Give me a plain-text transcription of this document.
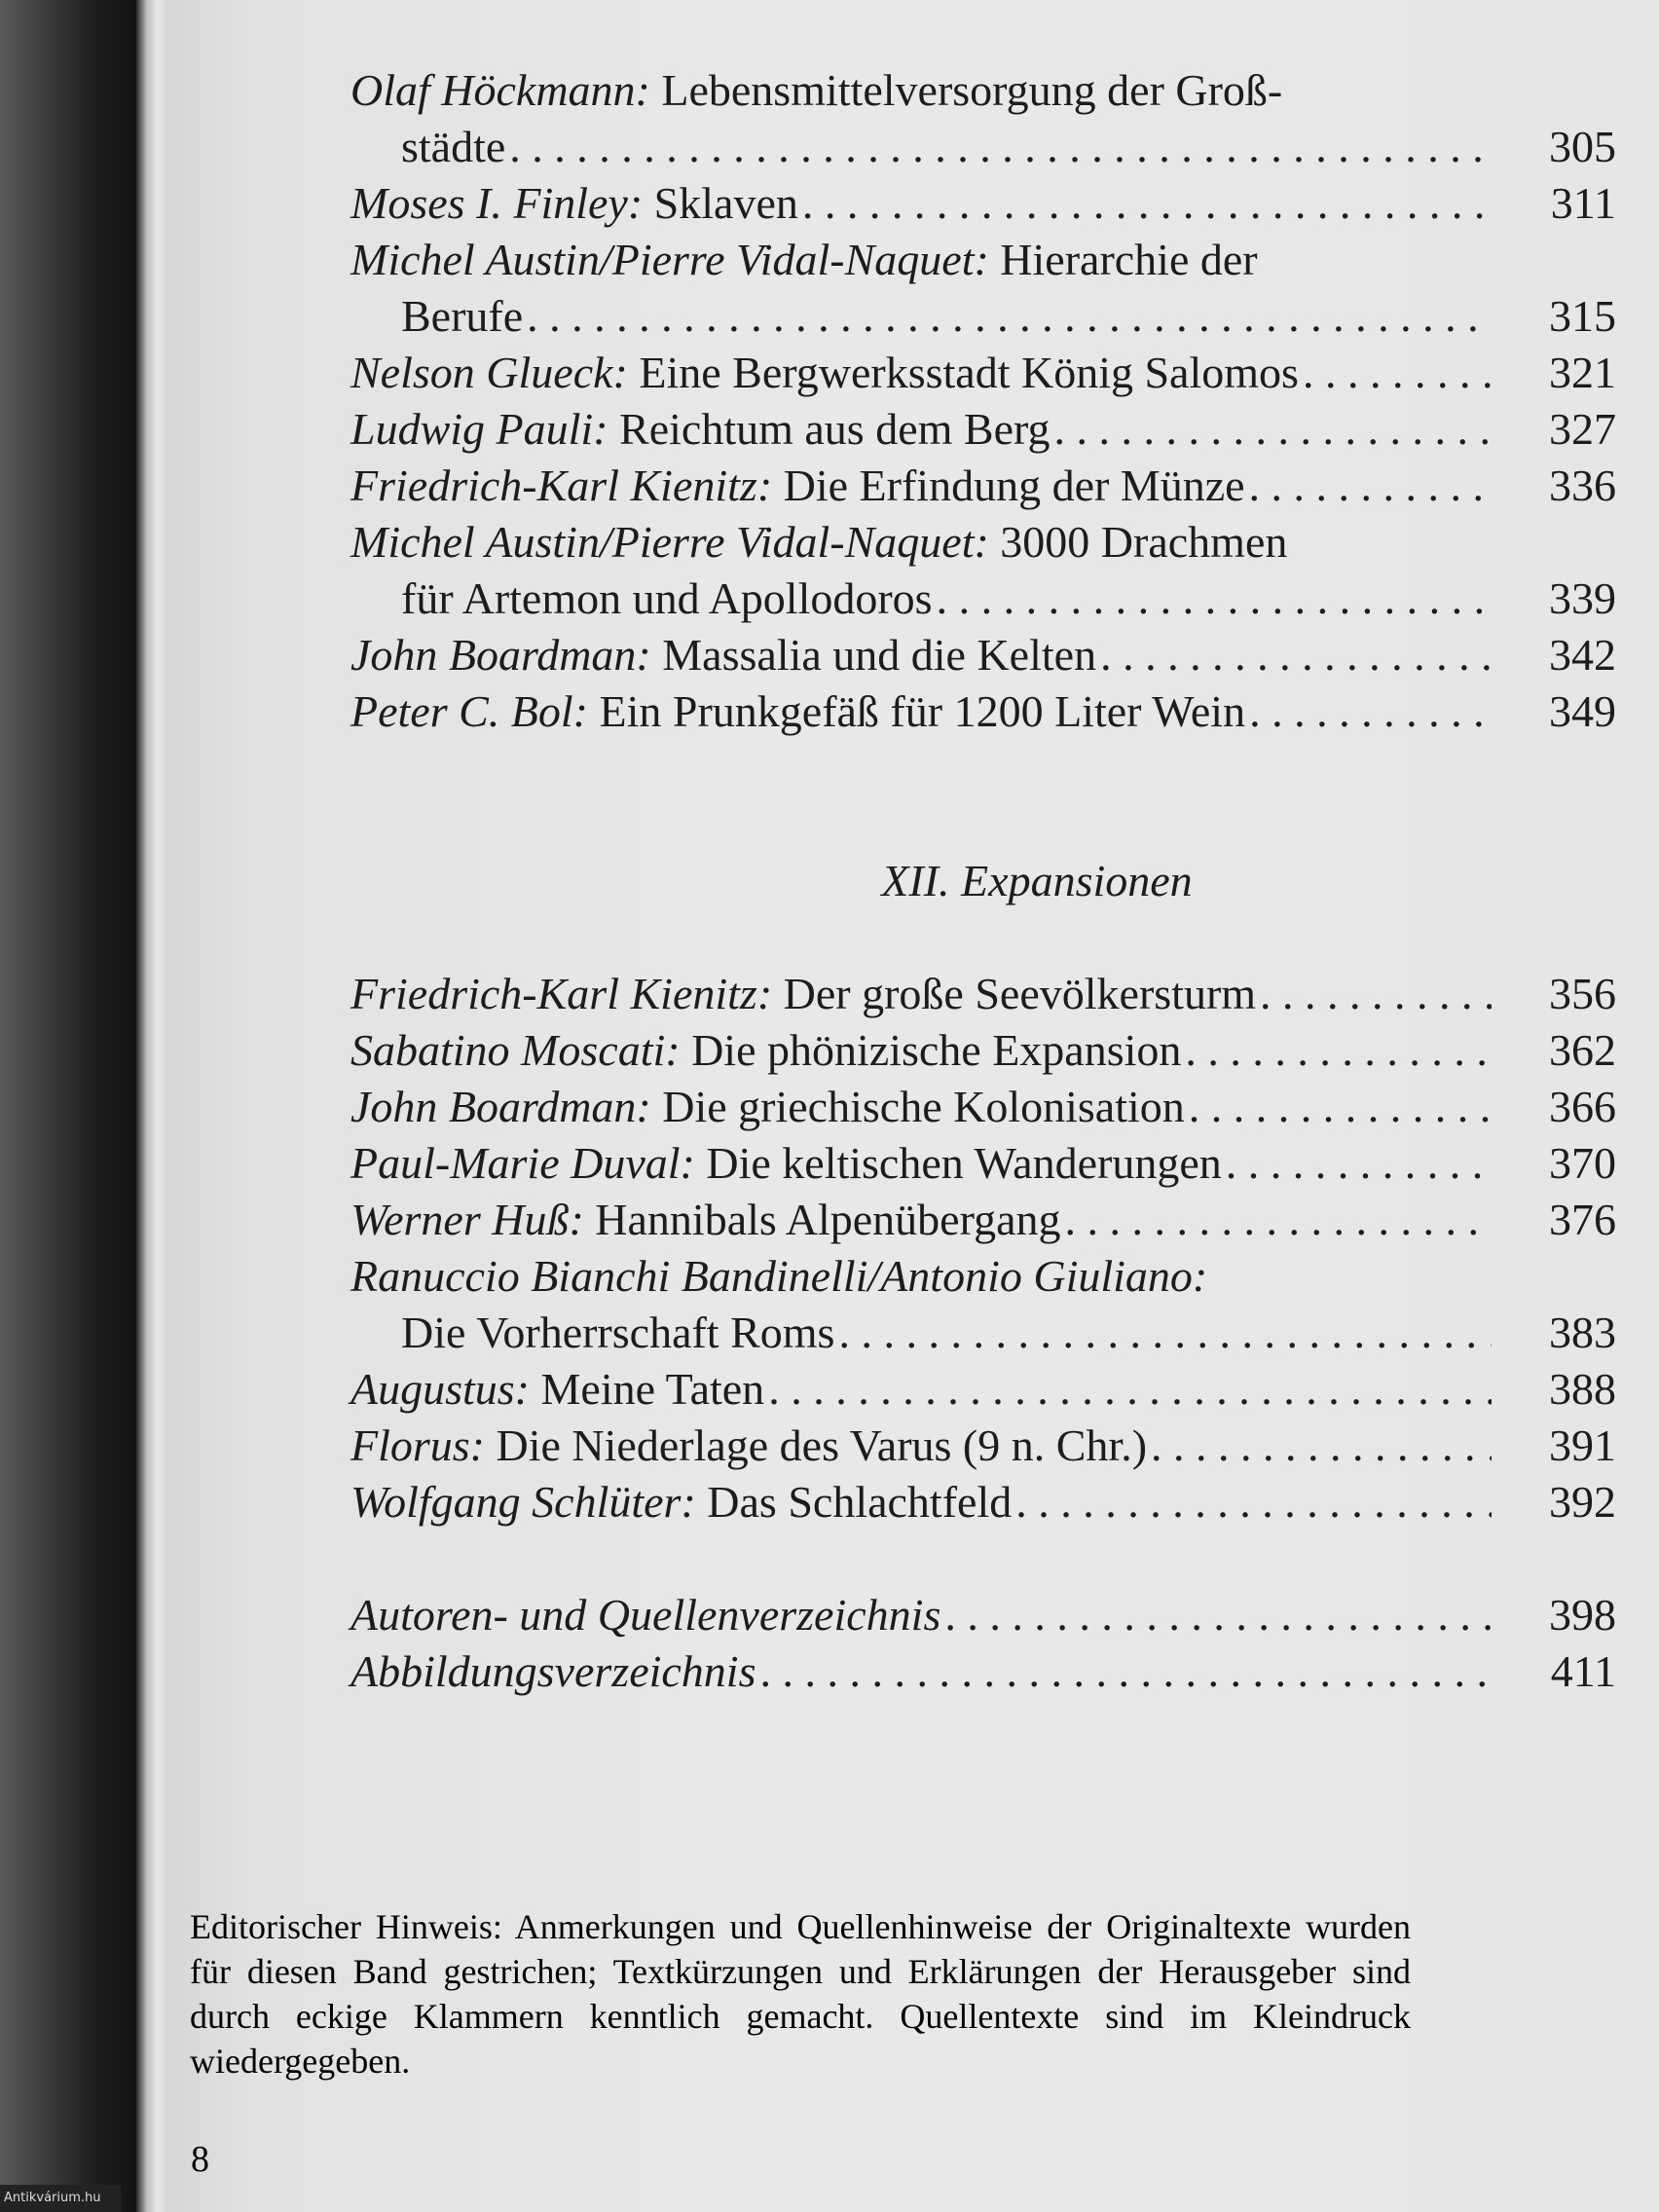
Olaf Höckmann:
Lebensmittelversorgung der Groß-
städte . . .	305
Moses I. Finley:
Sklaven . . .	311
Michel Austin/Pierre Vidal-Naquet:
Hierarchie der
Berufe . . .	315
Nelson Glueck:
Eine Bergwerksstadt König Salomos . . .	321
Ludwig Pauli:
Reichtum aus dem Berg . . .	327
Friedrich-Karl Kienitz:
Die Erfindung der Münze . . .	336
Michel Austin/Pierre Vidal-Naquet:
3000 Drachmen
für Artemon und Apollodoros . . .	339
John Boardman:
Massalia und die Kelten . . .	342
Peter C. Bol:
Ein Prunkgefäß für 1200 Liter Wein . . .	349
XII. Expansionen
Friedrich-Karl Kienitz:
Der große Seevölkersturm . . .	356
Sabatino Moscati:
Die phönizische Expansion . . .	362
John Boardman:
Die griechische Kolonisation . . .	366
Paul-Marie Duval:
Die keltischen Wanderungen . . .	370
Werner Huß:
Hannibals Alpenübergang . . .	376
Ranuccio Bianchi Bandinelli/Antonio Giuliano:
Die Vorherrschaft Roms . . .	383
Augustus:
Meine Taten . . .	388
Florus:
Die Niederlage des Varus (9 n. Chr.) . . .	391
Wolfgang Schlüter:
Das Schlachtfeld . . .	392
Autoren- und Quellenverzeichnis . . .	398
Abbildungsverzeichnis . . .	411
Editorischer Hinweis: Anmerkungen und Quellenhinweise der Originaltexte wurden für diesen Band gestrichen; Textkürzungen und Erklärungen der Herausgeber sind durch eckige Klammern kenntlich gemacht. Quellentexte sind im Kleindruck wiedergegeben.
8
Antikvárium.hu
